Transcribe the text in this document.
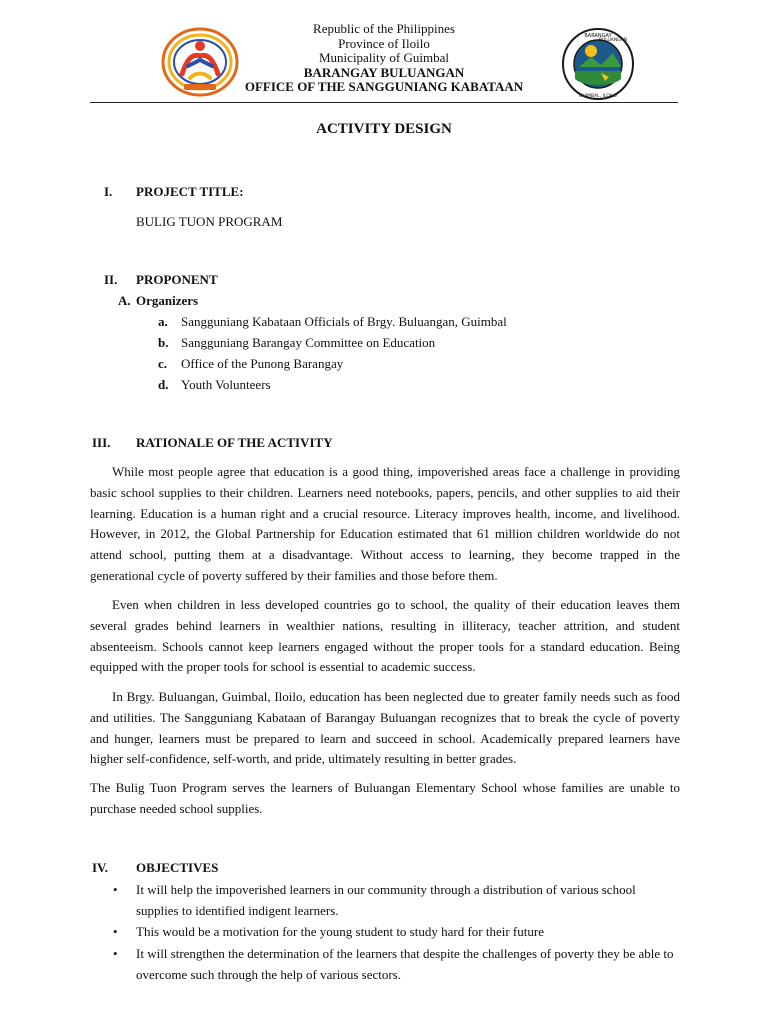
BARANGAY
BULUANGAN
GUIMBAL, ILOILO
Republic of the Philippines
Province of Iloilo
Municipality of Guimbal
BARANGAY BULUANGAN
OFFICE OF THE SANGGUNIANG KABATAAN
ACTIVITY DESIGN
I. PROJECT TITLE:
BULIG TUON PROGRAM
II. PROPONENT
A. Organizers
a. Sangguniang Kabataan Officials of Brgy. Buluangan, Guimbal
b. Sangguniang Barangay Committee on Education
c. Office of the Punong Barangay
d. Youth Volunteers
III. RATIONALE OF THE ACTIVITY
While most people agree that education is a good thing, impoverished areas face a challenge in providing basic school supplies to their children. Learners need notebooks, papers, pencils, and other supplies to aid their learning. Education is a human right and a crucial resource. Literacy improves health, income, and livelihood. However, in 2012, the Global Partnership for Education estimated that 61 million children worldwide do not attend school, putting them at a disadvantage. Without access to learning, they become trapped in the generational cycle of poverty suffered by their families and those before them.
Even when children in less developed countries go to school, the quality of their education leaves them several grades behind learners in wealthier nations, resulting in illiteracy, teacher attrition, and student absenteeism. Schools cannot keep learners engaged without the proper tools for a standard education. Being equipped with the proper tools for school is essential to academic success.
In Brgy. Buluangan, Guimbal, Iloilo, education has been neglected due to greater family needs such as food and utilities. The Sangguniang Kabataan of Barangay Buluangan recognizes that to break the cycle of poverty and hunger, learners must be prepared to learn and succeed in school. Academically prepared learners have higher self-confidence, self-worth, and pride, ultimately resulting in better grades.
The Bulig Tuon Program serves the learners of Buluangan Elementary School whose families are unable to purchase needed school supplies.
IV. OBJECTIVES
• It will help the impoverished learners in our community through a distribution of various school supplies to identified indigent learners.
• This would be a motivation for the young student to study hard for their future
• It will strengthen the determination of the learners that despite the challenges of poverty they be able to overcome such through the help of various sectors.
